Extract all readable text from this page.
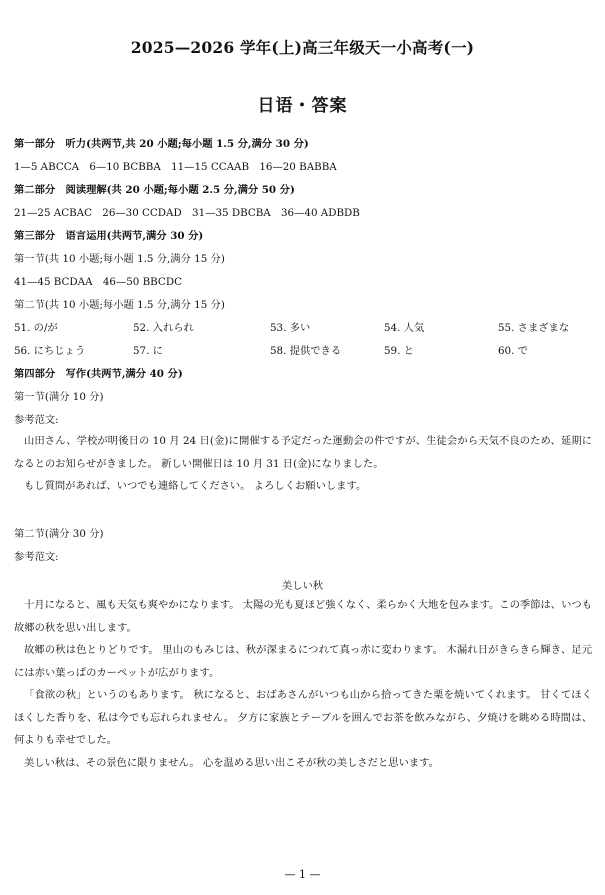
2025—2026 学年(上)高三年级天一小高考(一)
日语・答案
第一部分　听力(共两节,共 20 小题;每小题 1.5 分,满分 30 分)
1—5 ABCCA　6—10 BCBBA　11—15 CCAAB　16—20 BABBA
第二部分　阅读理解(共 20 小题;每小题 2.5 分,满分 50 分)
21—25 ACBAC　26—30 CCDAD　31—35 DBCBA　36—40 ADBDB
第三部分　语言运用(共两节,满分 30 分)
第一节(共 10 小题;每小题 1.5 分,满分 15 分)
41—45 BCDAA　46—50 BBCDC
第二节(共 10 小题;每小题 1.5 分,满分 15 分)
51. の/が	52. 入れられ	53. 多い	54. 人気	55. さまざまな
56. にちじょう	57. に	58. 提供できる	59. と	60. で
第四部分　写作(共两节,满分 40 分)
第一节(满分 10 分)
参考范文:

山田さん、学校が明後日の 10 月 24 日(金)に開催する予定だった運動会の件ですが、生徒会から天気不良のため、延期になるとのお知らせがきました。 新しい開催日は 10 月 31 日(金)になりました。

もし質問があれば、いつでも連絡してください。 よろしくお願いします。

第二节(满分 30 分)
参考范文:
美しい秋

十月になると、風も天気も爽やかになります。 太陽の光も夏ほど強くなく、柔らかく大地を包みます。この季節は、いつも故郷の秋を思い出します。

故郷の秋は色とりどりです。 里山のもみじは、秋が深まるにつれて真っ赤に変わります。 木漏れ日がきらきら輝き、足元には赤い葉っぱのカーペットが広がります。

「食欲の秋」というのもあります。 秋になると、おばあさんがいつも山から拾ってきた栗を焼いてくれます。 甘くてほくほくした香りを、私は今でも忘れられません。 夕方に家族とテーブルを囲んでお茶を飲みながら、夕焼けを眺める時間は、何よりも幸せでした。

美しい秋は、その景色に限りません。 心を温める思い出こそが秋の美しさだと思います。

— 1 —
